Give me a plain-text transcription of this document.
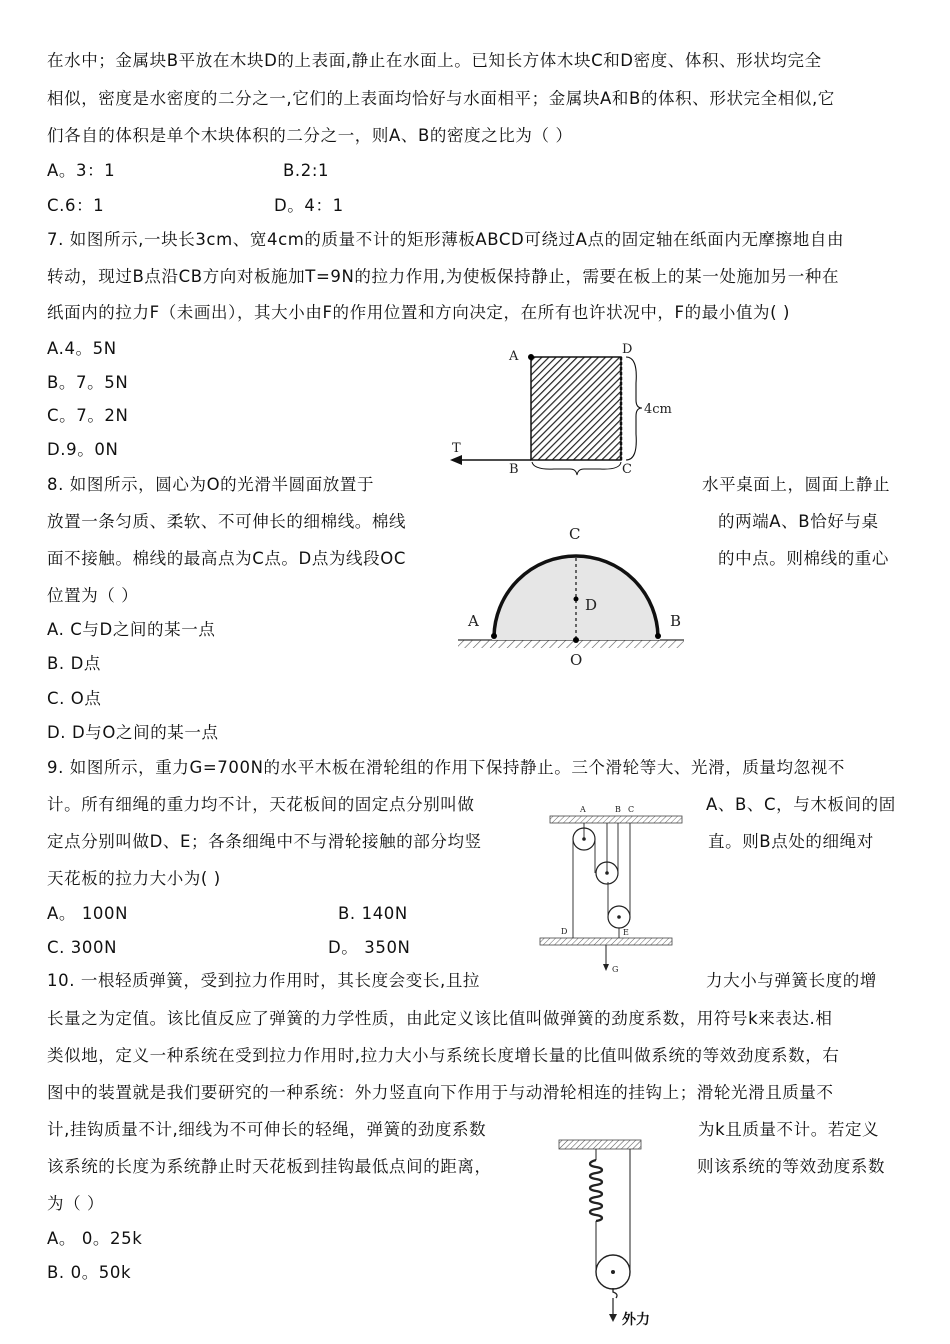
在水中；金属块B平放在木块D的上表面,静止在水面上。已知长方体木块C和D密度、体积、形状均完全
相似，密度是水密度的二分之一,它们的上表面均恰好与水面相平；金属块A和B的体积、形状完全相似,它
们各自的体积是单个木块体积的二分之一，则A、B的密度之比为（ ）
A。3：1	B.2:1
C.6：1	D。4：1
7. 如图所示,一块长3cm、宽4cm的质量不计的矩形薄板ABCD可绕过A点的固定轴在纸面内无摩擦地自由
转动，现过B点沿CB方向对板施加T=9N的拉力作用,为使板保持静止，需要在板上的某一处施加另一种在
纸面内的拉力F（未画出），其大小由F的作用位置和方向决定，在所有也许状况中，F的最小值为( )
A.4。5N
B。7。5N
C。7。2N
D.9。0N
A	D
B	C
T
4cm
8. 如图所示，圆心为O的光滑半圆面放置于	水平桌面上，圆面上静止
放置一条匀质、柔软、不可伸长的细棉线。棉线	的两端A、B恰好与桌
面不接触。棉线的最高点为C点。D点为线段OC	的中点。则棉线的重心
位置为（ ）
A. C与D之间的某一点
B. D点
C. O点
D. D与O之间的某一点
C
D
A	B
O
9. 如图所示，重力G=700N的水平木板在滑轮组的作用下保持静止。三个滑轮等大、光滑，质量均忽视不
计。所有细绳的重力均不计，天花板间的固定点分别叫做	A、B、C，与木板间的固
定点分别叫做D、E；各条细绳中不与滑轮接触的部分均竖	直。则B点处的细绳对
天花板的拉力大小为( )
A。 100N	B. 140N
C. 300N	D。 350N
A	B C
D	E
G
10. 一根轻质弹簧，受到拉力作用时，其长度会变长,且拉	力大小与弹簧长度的增
长量之为定值。该比值反应了弹簧的力学性质，由此定义该比值叫做弹簧的劲度系数，用符号k来表达.相
类似地，定义一种系统在受到拉力作用时,拉力大小与系统长度增长量的比值叫做系统的等效劲度系数，右
图中的装置就是我们要研究的一种系统：外力竖直向下作用于与动滑轮相连的挂钩上；滑轮光滑且质量不
计,挂钩质量不计,细线为不可伸长的轻绳，弹簧的劲度系数	为k且质量不计。若定义
该系统的长度为系统静止时天花板到挂钩最低点间的距离，	则该系统的等效劲度系数
为（ ）
A。 0。25k
B. 0。50k
外力
